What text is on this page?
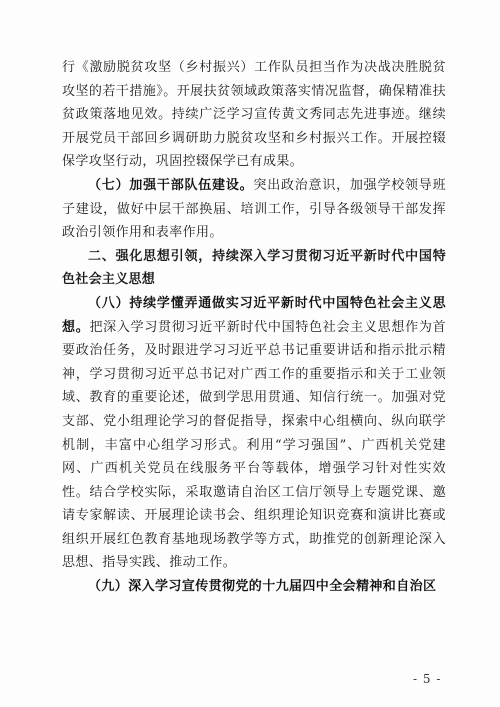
行《激励脱贫攻坚（乡村振兴）工作队员担当作为决战决胜脱贫攻坚的若干措施》。开展扶贫领域政策落实情况监督，确保精准扶贫政策落地见效。持续广泛学习宣传黄文秀同志先进事迹。继续开展党员干部回乡调研助力脱贫攻坚和乡村振兴工作。开展控辍保学攻坚行动，巩固控辍保学已有成果。

（七）加强干部队伍建设。突出政治意识，加强学校领导班子建设，做好中层干部换届、培训工作，引导各级领导干部发挥政治引领作用和表率作用。

二、强化思想引领，持续深入学习贯彻习近平新时代中国特色社会主义思想

（八）持续学懂弄通做实习近平新时代中国特色社会主义思想。把深入学习贯彻习近平新时代中国特色社会主义思想作为首要政治任务，及时跟进学习习近平总书记重要讲话和指示批示精神，学习贯彻习近平总书记对广西工作的重要指示和关于工业领域、教育的重要论述，做到学思用贯通、知信行统一。加强对党支部、党小组理论学习的督促指导，探索中心组横向、纵向联学机制，丰富中心组学习形式。利用“学习强国”、广西机关党建网、广西机关党员在线服务平台等载体，增强学习针对性实效性。结合学校实际，采取邀请自治区工信厅领导上专题党课、邀请专家解读、开展理论读书会、组织理论知识竞赛和演讲比赛或组织开展红色教育基地现场教学等方式，助推党的创新理论深入思想、指导实践、推动工作。

（九）深入学习宣传贯彻党的十九届四中全会精神和自治区

- 5 -
